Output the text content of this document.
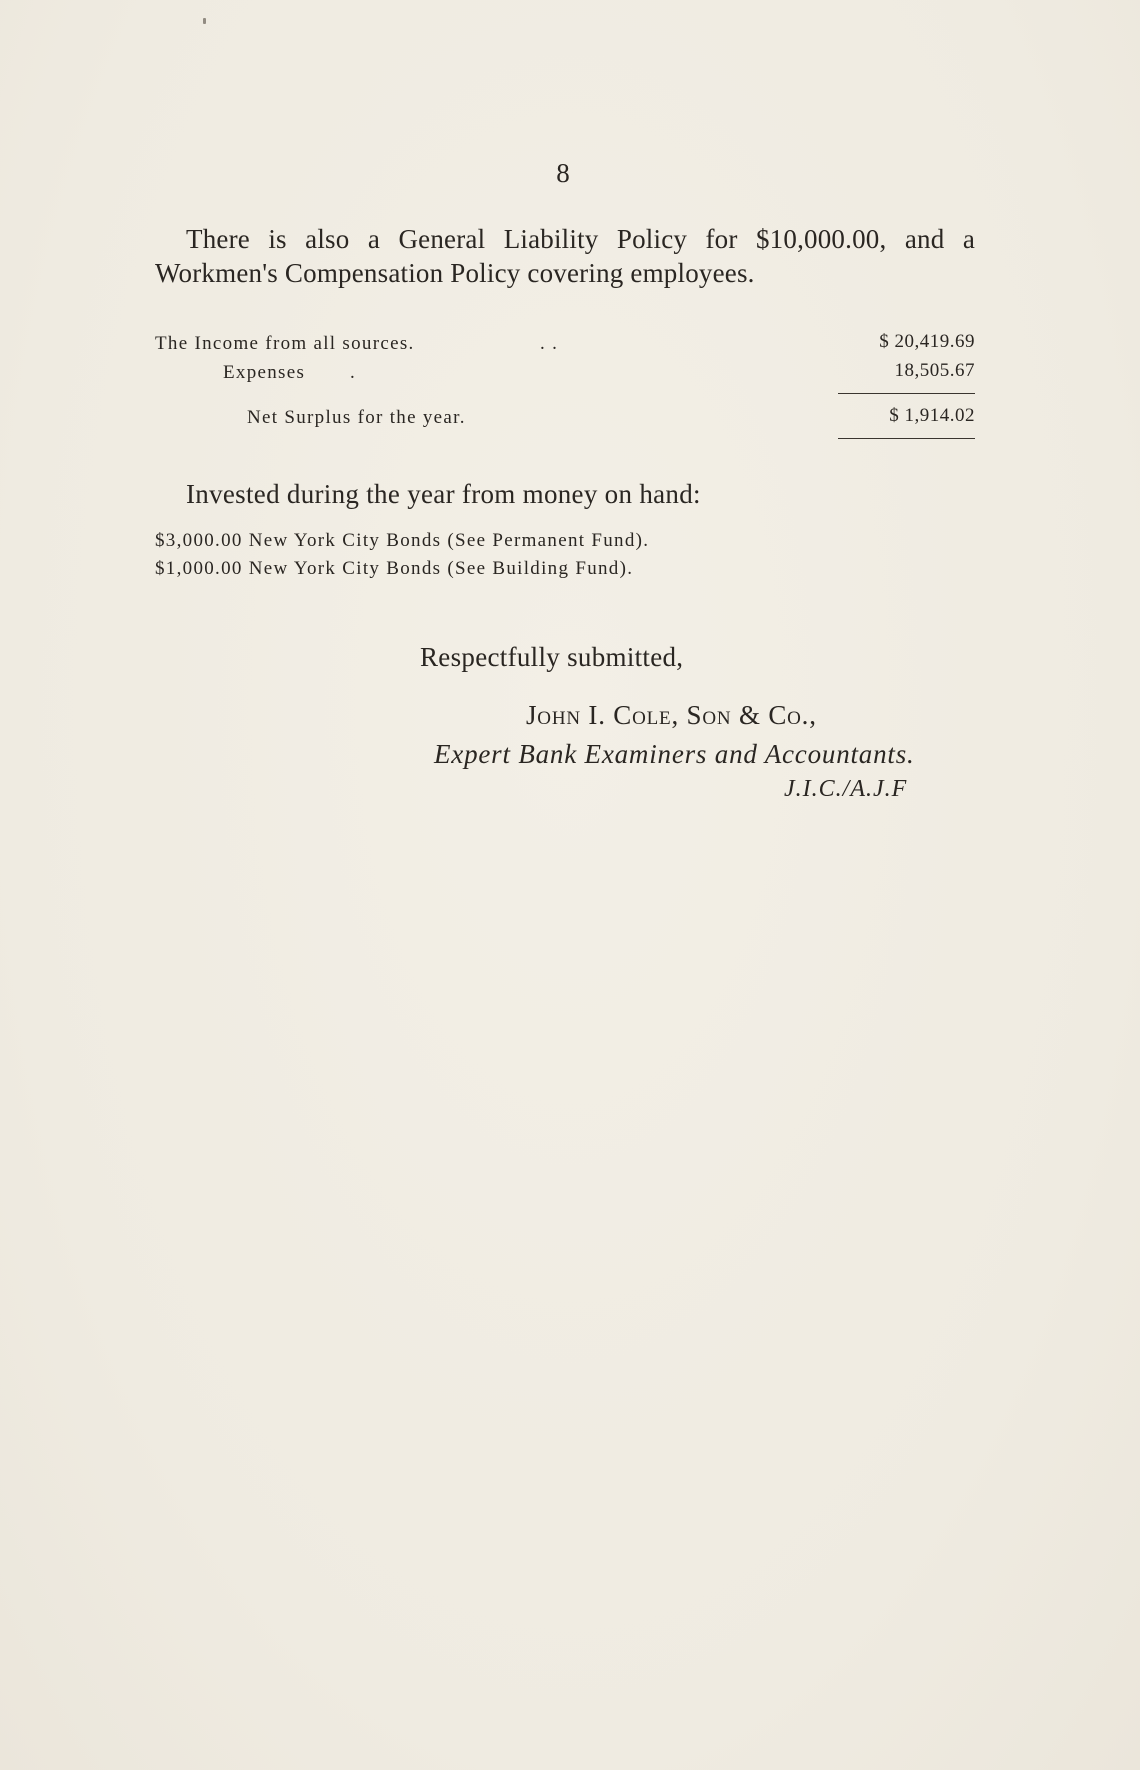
8
There is also a General Liability Policy for $10,000.00, and a Workmen's Compensation Policy covering employees.
The Income from all sources.	. .	$ 20,419.69
Expenses .	18,505.67
Net Surplus for the year.	$ 1,914.02
Invested during the year from money on hand:
$3,000.00 New York City Bonds (See Permanent Fund).
$1,000.00 New York City Bonds (See Building Fund).
Respectfully submitted,
John I. Cole, Son & Co.,
Expert Bank Examiners and Accountants.
J.I.C./A.J.F
